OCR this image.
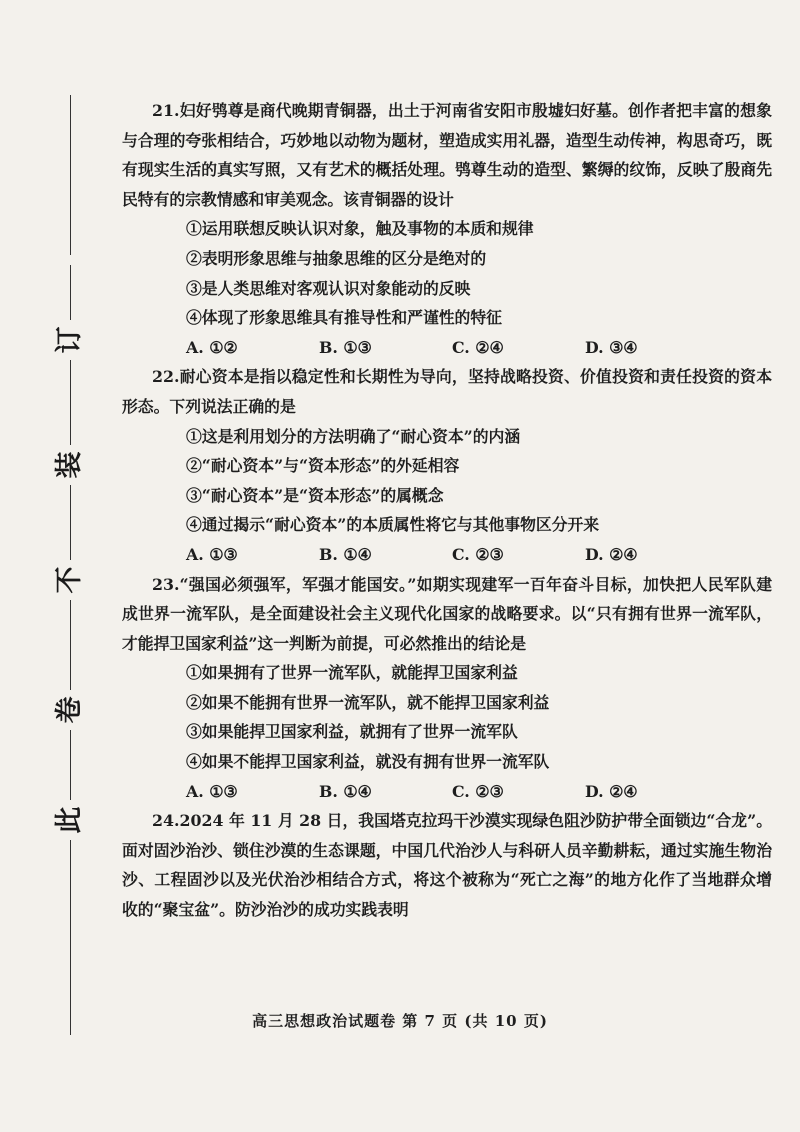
订
装
不
卷
此

21.妇好鸮尊是商代晚期青铜器，出土于河南省安阳市殷墟妇好墓。创作者把丰富的想象与合理的夸张相结合，巧妙地以动物为题材，塑造成实用礼器，造型生动传神，构思奇巧，既有现实生活的真实写照，又有艺术的概括处理。鸮尊生动的造型、繁缛的纹饰，反映了殷商先民特有的宗教情感和审美观念。该青铜器的设计

①运用联想反映认识对象，触及事物的本质和规律

②表明形象思维与抽象思维的区分是绝对的

③是人类思维对客观认识对象能动的反映

④体现了形象思维具有推导性和严谨性的特征

A. ①②	B. ①③	C. ②④	D. ③④

22.耐心资本是指以稳定性和长期性为导向，坚持战略投资、价值投资和责任投资的资本形态。下列说法正确的是

①这是利用划分的方法明确了“耐心资本”的内涵

②“耐心资本”与“资本形态”的外延相容

③“耐心资本”是“资本形态”的属概念

④通过揭示“耐心资本”的本质属性将它与其他事物区分开来

A. ①③	B. ①④	C. ②③	D. ②④

23.“强国必须强军，军强才能国安。”如期实现建军一百年奋斗目标，加快把人民军队建成世界一流军队，是全面建设社会主义现代化国家的战略要求。以“只有拥有世界一流军队，才能捍卫国家利益”这一判断为前提，可必然推出的结论是

①如果拥有了世界一流军队，就能捍卫国家利益

②如果不能拥有世界一流军队，就不能捍卫国家利益

③如果能捍卫国家利益，就拥有了世界一流军队

④如果不能捍卫国家利益，就没有拥有世界一流军队

A. ①③	B. ①④	C. ②③	D. ②④

24.2024 年 11 月 28 日，我国塔克拉玛干沙漠实现绿色阻沙防护带全面锁边“合龙”。面对固沙治沙、锁住沙漠的生态课题，中国几代治沙人与科研人员辛勤耕耘，通过实施生物治沙、工程固沙以及光伏治沙相结合方式，将这个被称为“死亡之海”的地方化作了当地群众增收的“聚宝盆”。防沙治沙的成功实践表明

高三思想政治试题卷 第 7 页 (共 10 页)
